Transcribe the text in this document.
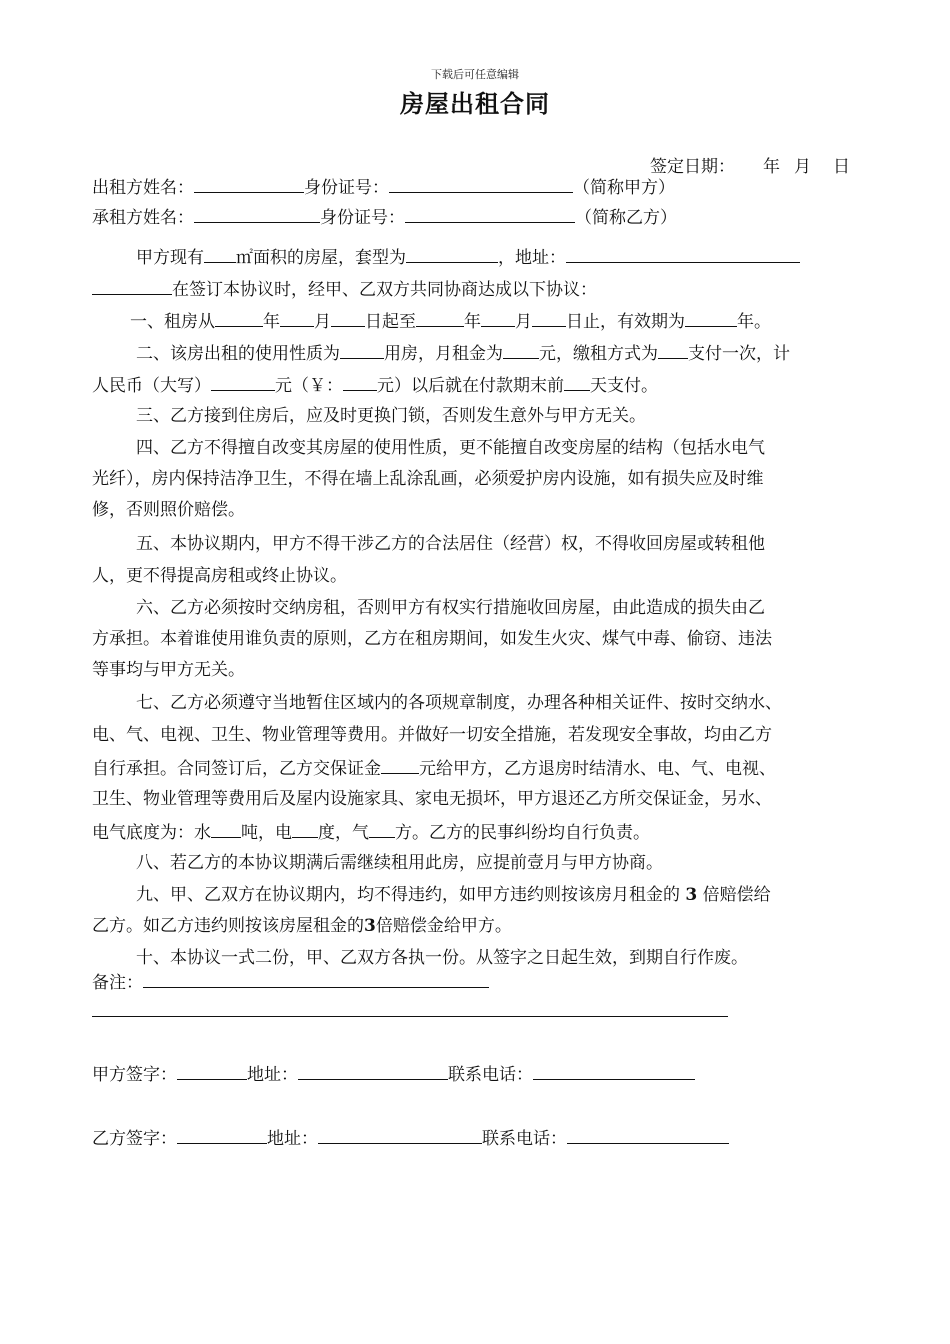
下载后可任意编辑
房屋出租合同
签定日期： 年 月 日
出租方姓名：	身份证号：	（简称甲方）
承租方姓名：	身份证号：	（简称乙方）
甲方现有 ㎡面积的房屋，套型为	，地址：
在签订本协议时，经甲、乙双方共同协商达成以下协议：
一、租房从	年 月 日起至	年 月 日止，有效期为	年。
二、该房出租的使用性质为	用房，月租金为 元，缴租方式为 支付一次，计
人民币（大写）	元（￥： 元）以后就在付款期末前 天支付。
三、乙方接到住房后，应及时更换门锁，否则发生意外与甲方无关。
四、乙方不得擅自改变其房屋的使用性质，更不能擅自改变房屋的结构（包括水电气
光纤），房内保持洁净卫生，不得在墙上乱涂乱画，必须爱护房内设施，如有损失应及时维
修，否则照价赔偿。
五、本协议期内，甲方不得干涉乙方的合法居住（经营）权，不得收回房屋或转租他
人，更不得提高房租或终止协议。
六、乙方必须按时交纳房租，否则甲方有权实行措施收回房屋，由此造成的损失由乙
方承担。本着谁使用谁负责的原则，乙方在租房期间，如发生火灾、煤气中毒、偷窃、违法
等事均与甲方无关。
七、乙方必须遵守当地暂住区域内的各项规章制度，办理各种相关证件、按时交纳水、
电、气、电视、卫生、物业管理等费用。并做好一切安全措施，若发现安全事故，均由乙方
自行承担。合同签订后，乙方交保证金 元给甲方，乙方退房时结清水、电、气、电视、
卫生、物业管理等费用后及屋内设施家具、家电无损坏，甲方退还乙方所交保证金，另水、
电气底度为：水 吨，电 度，气 方。乙方的民事纠纷均自行负责。
八、若乙方的本协议期满后需继续租用此房，应提前壹月与甲方协商。
九、甲、乙双方在协议期内，均不得违约，如甲方违约则按该房月租金的 3 倍赔偿给
乙方。如乙方违约则按该房屋租金的3倍赔偿金给甲方。
十、本协议一式二份，甲、乙双方各执一份。从签字之日起生效，到期自行作废。
备注：
甲方签字：	地址：	联系电话：
乙方签字：	地址：	联系电话：
